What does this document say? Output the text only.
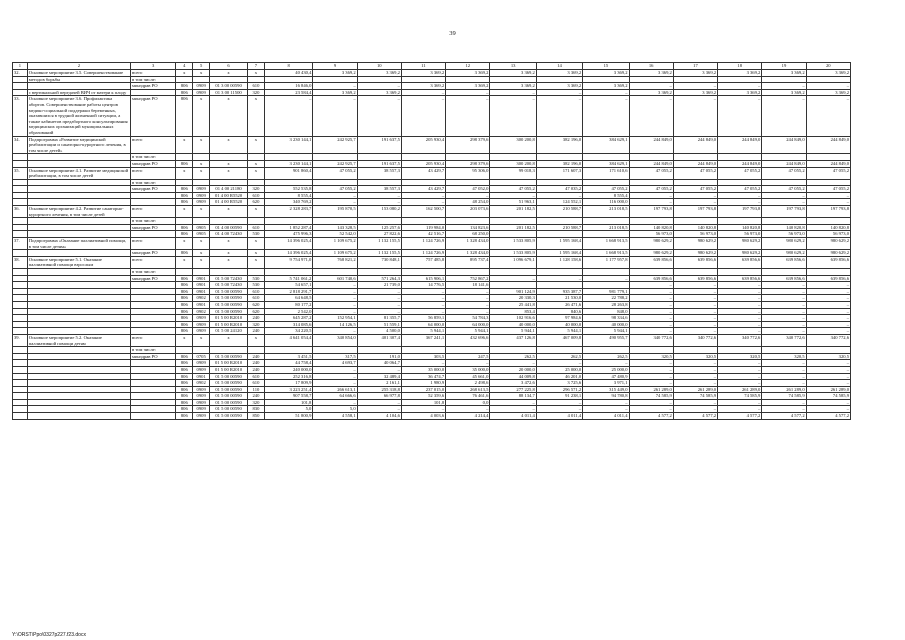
39
1	2	3	4	5	6	7	8	9	10	11	12	13	14	15	16	17	18	19	20
32.	Основное мероприятие 3.5. Совершенствование	всего	х	х	х	х	40 430,4	3 369,2	3 369,2	3 369,2	3 369,2	3 369,2	3 369,2	3 369,2	3 369,2	3 369,2	3 369,2	3 369,2	3 369,2
	методов борьбы	в том числе:																	
		минздрав РО	806	0909	01 3 00 00590	610	16 846,0	–	–	3 369,2	3 369,2	3 369,2	3 369,2	3 369,2	–	–	–	–	–
	с вертикальной передачей ВИЧ от матери к плоду		806	0909	01 3 00 11500	320	23 584,4	3 369,2	3 369,2	–	–	–	–	–	3 369,2	3 369,2	3 369,2	3 369,2	3 369,2
33.	Основное мероприятие 3.6. Профилактика абортов. Совершенствование работы центров медико-социальной поддержки беременных, оказавшихся в трудной жизненной ситуации, а также кабинетов предабортного консультирования медицинских организаций муниципальных образований	минздрав РО	806	х	х	х	–	–	–	–	–	–	–	–	–	–	–	–	–
34.	Подпрограмма «Развитие медицинской реабилитации и санаторно-курортного лечения, в том числе детей»	всего	х	х	х	х	3 230 144,1	242 925,7	191 637,5	205 930,4	298 379,6	300 200,8	382 196,0	384 629,1	244 849,0	244 849,0	244 849,0	244 849,0	244 849,0
		в том числе:																	
		минздрав РО	806	х	х	х	3 230 144,1	242 925,7	191 637,5	205 930,4	298 379,6	300 200,8	382 196,0	384 629,1	244 849,0	244 849,0	244 849,0	244 849,0	244 849,0
35.	Основное мероприятие 4.1. Развитие медицинской реабилитации, в том числе детей	всего	х	х	х	х	901 860,4	47 055,2	38 557,3	43 429,7	95 306,0	99 018,3	171 607,3	171 610,6	47 055,2	47 055,2	47 055,2	47 055,2	47 055,2
		в том числе:																	
		минздрав РО	806	0909	01 4 00 21180	320	552 535,8	47 055,2	38 557,3	43 429,7	47 052,0	47 055,2	47 035,2	47 055,2	47 055,2	47 055,2	47 055,2	47 055,2	47 055,2
			806	0909	01 4 00 R5520	610	8 555,4	–	–	–	–	–	–	8 555,4	–	–	–	–	–
			806	0909	01 4 00 R5520	620	340 769,2	–	–	–	48 254,0	51 963,1	124 552,1	116 000,0	–	–	–	–	–
36.	Основное мероприятие 4.2. Развитие санаторно-курортного лечения, в том числе детей	всего	х	х	х	х	2 328 283,7	195 870,5	153 080,2	162 500,7	203 073,6	201 182,5	210 588,7	213 018,5	197 793,8	197 793,8	197 793,8	197 793,8	197 793,8
		в том числе:																	
		минздрав РО	806	0905	01 4 00 00590	610	1 852 287,4	143 328,5	125 257,6	119 984,0	134 823,6	201 182,5	210 588,7	213 018,5	140 820,8	140 820,8	140 820,8	140 820,8	140 820,8
			806	0905	01 4 00 72430	530	475 996,3	52 542,0	27 822,6	42 516,7	68 250,0				56 973,0	56 973,0	56 973,0	56 973,0	56 973,0
37.	Подпрограмма «Оказание паллиативной помощи, в том числе детям»	всего	х	х	х	х	14 396 025,4	1 109 675,2	1 132 155,5	1 124 726,9	1 328 434,0	1 533 805,9	1 595 168,4	1 668 913,5	980 629,2	980 629,2	980 629,2	980 629,2	980 629,2
		минздрав РО	806	х	х	х	14 396 025,4	1 109 675,2	1 132 155,5	1 124 726,9	1 328 434,0	1 533 805,9	1 595 168,4	1 668 913,5	980 629,2	980 629,2	980 629,2	980 629,2	980 629,2
38.	Основное мероприятие 5.1. Оказание паллиативной помощи взрослым	всего	х	х	х	х	9 754 971,0	768 821,2	730 848,1	757 485,8	895 737,4	1 096 679,1	1 128 158,6	1 177 957,8	639 856,6	639 856,6	639 856,6	639 856,6	639 856,6
		в том числе:																	
		минздрав РО	806	0901	01 5 00 72430	530	5 741 061,2	601 740,6	571 264,3	615 906,1	752 867,2	–	–	–	639 856,6	639 856,6	639 856,6	639 856,6	639 856,6
			806	0901	01 5 00 72430	530	54 657,1	–	21 739,0	14 776,5	18 141,6				–	–	–	–	–
			806	0901	01 5 00 00590	610	2 818 291,7	–	–	–	–	901 124,9	935 387,7	981 779,1	–	–	–	–	–
			806	0902	01 5 00 00590	610	64 648,5	–	–	–	–	20 330,3	21 530,0	22 788,2	–	–	–	–	–
			806	0901	01 5 00 00590	620	80 177,2	–	–	–	–	25 441,8	26 471,6	28 263,8	–	–	–	–	–
			806	0902	01 5 00 00590	620	2 542,0	–	–	–	–	853,4	840,6	848,0	–	–	–	–	–
			806	0909	01 5 00 R2010	240	645 287,2	152 954,1	81 355,7	56 859,1	54 784,3	102 916,6	97 984,6	98 334,6	–	–	–	–	–
			806	0909	01 5 00 R2010	320	314 085,6	14 126,5	51 559,1	64 000,0	64 000,0	40 000,0	40 000,0	40 000,0	–	–	–	–	–
			806	0909	01 5 00 24120	240	34 220,5	–	4 500,0	5 944,1	5 944,1	5 944,1	5 944,1	5 944,1	–	–	–	–	–
39.	Основное мероприятие 5.2. Оказание паллиативной помощи детям	всего	х	х	х	х	4 641 054,4	340 854,0	401 307,4	367 241,1	432 696,6	437 126,8	467 009,8	490 955,7	340 772,6	340 772,6	340 772,6	340 772,6	340 772,6
		в том числе:																	
		минздрав РО	806	0705	01 5 00 00590	240	3 451,5	317,5	191,0	303,5	247,5	262,5	262,5	262,5	320,5	320,5	320,5	320,5	320,5
			806	0909	01 5 00 R2010	240	44 758,4	4 693,7	40 064,7	–	–	–	–	–	–	–	–	–	–
			806	0909	01 5 00 R2010	240	240 000,0	–	–	35 000,0	35 000,0	20 000,0	25 000,0	25 000,0	–	–	–	–	–
			806	0901	01 5 00 00590	610	252 316,8	–	32 489,4	36 474,7	45 661,0	44 009,8	46 201,0	47 480,9	–	–	–	–	–
			806	0902	01 5 00 00590	610	17 809,9	–	2 161,1	1 980,9	2 498,6	3 472,6	3 725,6	3 971,1	–	–	–	–	–
			806	0909	01 5 00 00590	110	3 223 251,4	266 613,1	255 318,8	237 015,0	268 613,5	277 225,8	296 571,2	315 449,0	261 289,0	261 289,0	261 289,0	261 289,0	261 289,0
			806	0909	01 5 00 00590	240	907 558,7	64 666,6	66 977,8	52 359,6	76 461,6	88 134,7	91 238,1	94 780,8	74 585,9	74 585,9	74 585,9	74 585,9	74 585,9
			806	0909	01 5 00 00590	320	101,8	–	–	101,8	0,0	–	–	–	–	–	–	–	–
			806	0909	01 5 00 00590	830	5,0	5,0	–	–	–	–	–	–	–	–	–	–	–
			806	0909	01 5 00 00590	850	51 800,9	4 558,1	4 104,6	4 003,6	4 214,4	4 011,4	4 011,4	4 011,4	4 577,2	4 577,2	4 577,2	4 577,2	4 577,2
Y:\ORST\Ppo\0327p227.f23.docx
